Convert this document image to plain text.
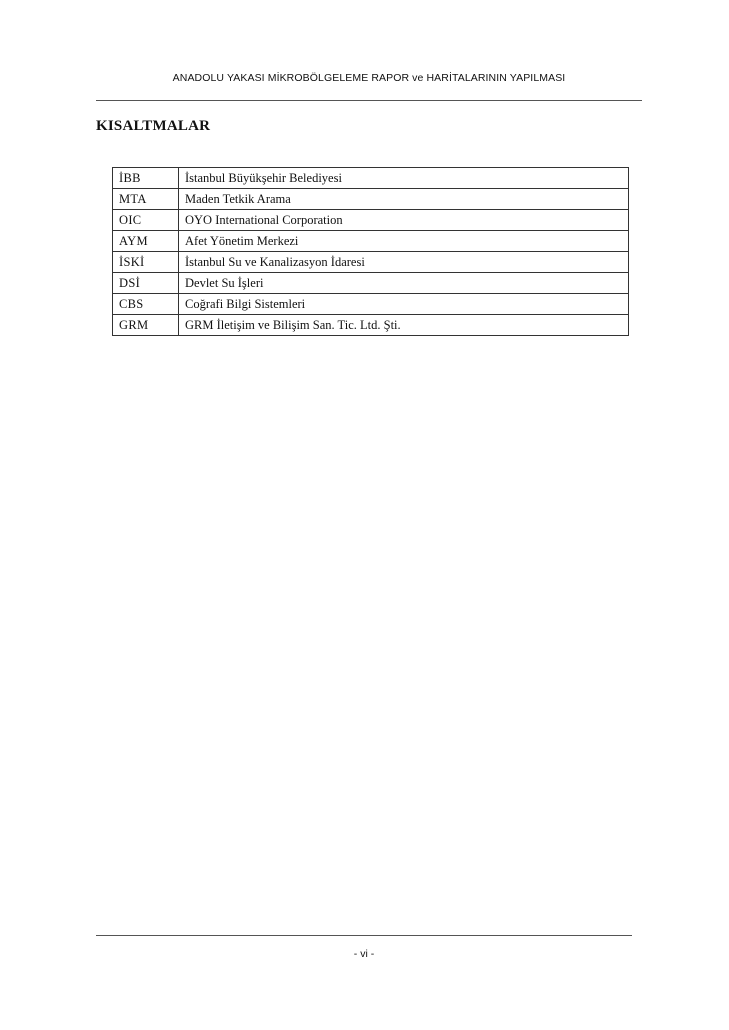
ANADOLU YAKASI MİKROBÖLGELEME RAPOR ve HARİTALARININ YAPILMASI
KISALTMALAR
İBB	İstanbul Büyükşehir Belediyesi
MTA	Maden Tetkik Arama
OIC	OYO International Corporation
AYM	Afet Yönetim Merkezi
İSKİ	İstanbul Su ve Kanalizasyon İdaresi
DSİ	Devlet Su İşleri
CBS	Coğrafi Bilgi Sistemleri
GRM	GRM İletişim ve Bilişim San. Tic. Ltd. Şti.
- vi -
